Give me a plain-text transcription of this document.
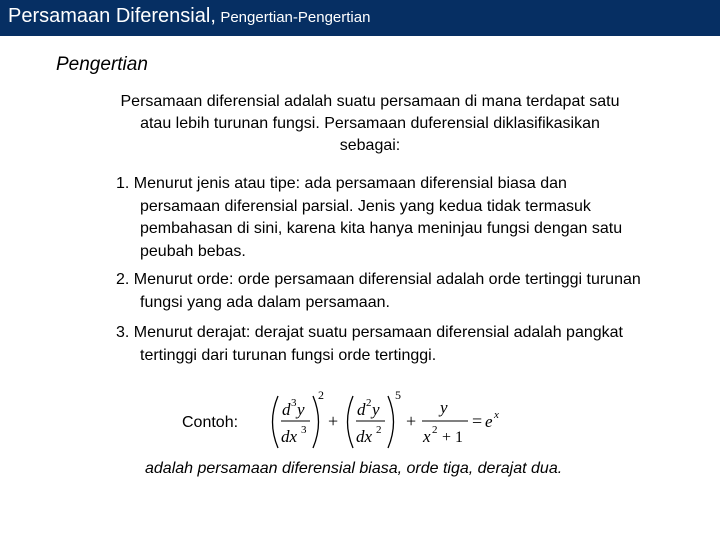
Persamaan Diferensial, Pengertian-Pengertian
Pengertian
Persamaan diferensial adalah suatu persamaan di mana terdapat satu atau lebih turunan fungsi. Persamaan duferensial diklasifikasikan sebagai:
1. Menurut jenis atau tipe: ada persamaan diferensial biasa dan persamaan diferensial parsial. Jenis yang kedua tidak termasuk pembahasan di sini, karena kita hanya meninjau fungsi dengan satu peubah bebas.
2. Menurut orde: orde persamaan diferensial adalah orde tertinggi turunan fungsi yang ada dalam persamaan.
3. Menurut derajat: derajat suatu persamaan diferensial adalah pangkat tertinggi dari turunan fungsi orde tertinggi.
Contoh:
d 3 y
dx 3
2
+
d 2 y
dx 2
5
+
y
x 2 + 1
= e x
adalah persamaan diferensial biasa, orde tiga, derajat dua.
